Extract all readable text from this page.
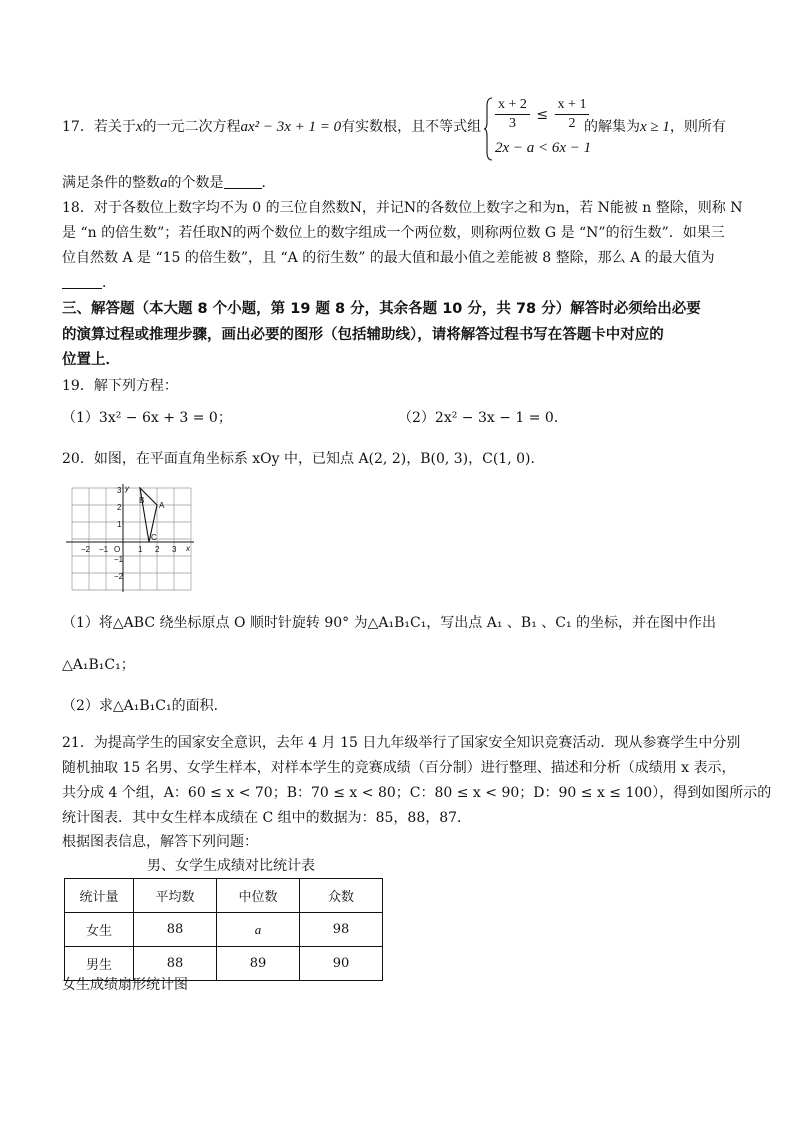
17．若关于x的一元二次方程ax² − 3x + 1 = 0有实数根，且不等式组 $\frac{x + 2}{3} \le \frac{x + 1}{2}$
2x − a < 6x − 1
的解集为x ≥ 1，则所有
满足条件的整数a的个数是	．
18．对于各数位上数字均不为 0 的三位自然数N，并记N的各数位上数字之和为n，若 N能被 n 整除，则称 N
是 “n 的倍生数”；若任取N的两个数位上的数字组成一个两位数，则称两位数 G 是 “N”的衍生数”．如果三
位自然数 A 是 “15 的倍生数”，且 “A 的衍生数” 的最大值和最小值之差能被 8 整除，那么 A 的最大值为
．
三、解答题（本大题 8 个小题，第 19 题 8 分，其余各题 10 分，共 78 分）解答时必须给出必要
的演算过程或推理步骤，画出必要的图形（包括辅助线），请将解答过程书写在答题卡中对应的
位置上．
19．解下列方程：
（1）3x² − 6x + 3 = 0；	（2）2x² − 3x − 1 = 0．
20．如图，在平面直角坐标系 xOy 中，已知点 A(2, 2)，B(0, 3)，C(1, 0)．
x
y
O
A
B
C
−2 −1	1 2 3
3
2
1
−1
−2
（1）将△ABC 绕坐标原点 O 顺时针旋转 90° 为△A₁B₁C₁，写出点 A₁ 、B₁ 、C₁ 的坐标，并在图中作出
△A₁B₁C₁；
（2）求△A₁B₁C₁的面积．
21．为提高学生的国家安全意识，去年 4 月 15 日九年级举行了国家安全知识竞赛活动．现从参赛学生中分别
随机抽取 15 名男、女学生样本，对样本学生的竞赛成绩（百分制）进行整理、描述和分析（成绩用 x 表示，
共分成 4 个组，A：60 ≤ x < 70；B：70 ≤ x < 80；C：80 ≤ x < 90；D：90 ≤ x ≤ 100），得到如图所示的
统计图表．其中女生样本成绩在 C 组中的数据为：85，88，87．
根据图表信息，解答下列问题：
男、女学生成绩对比统计表
统计量	平均数	中位数	众数
女生	88	a	98
男生	88	89	90
女生成绩扇形统计图
